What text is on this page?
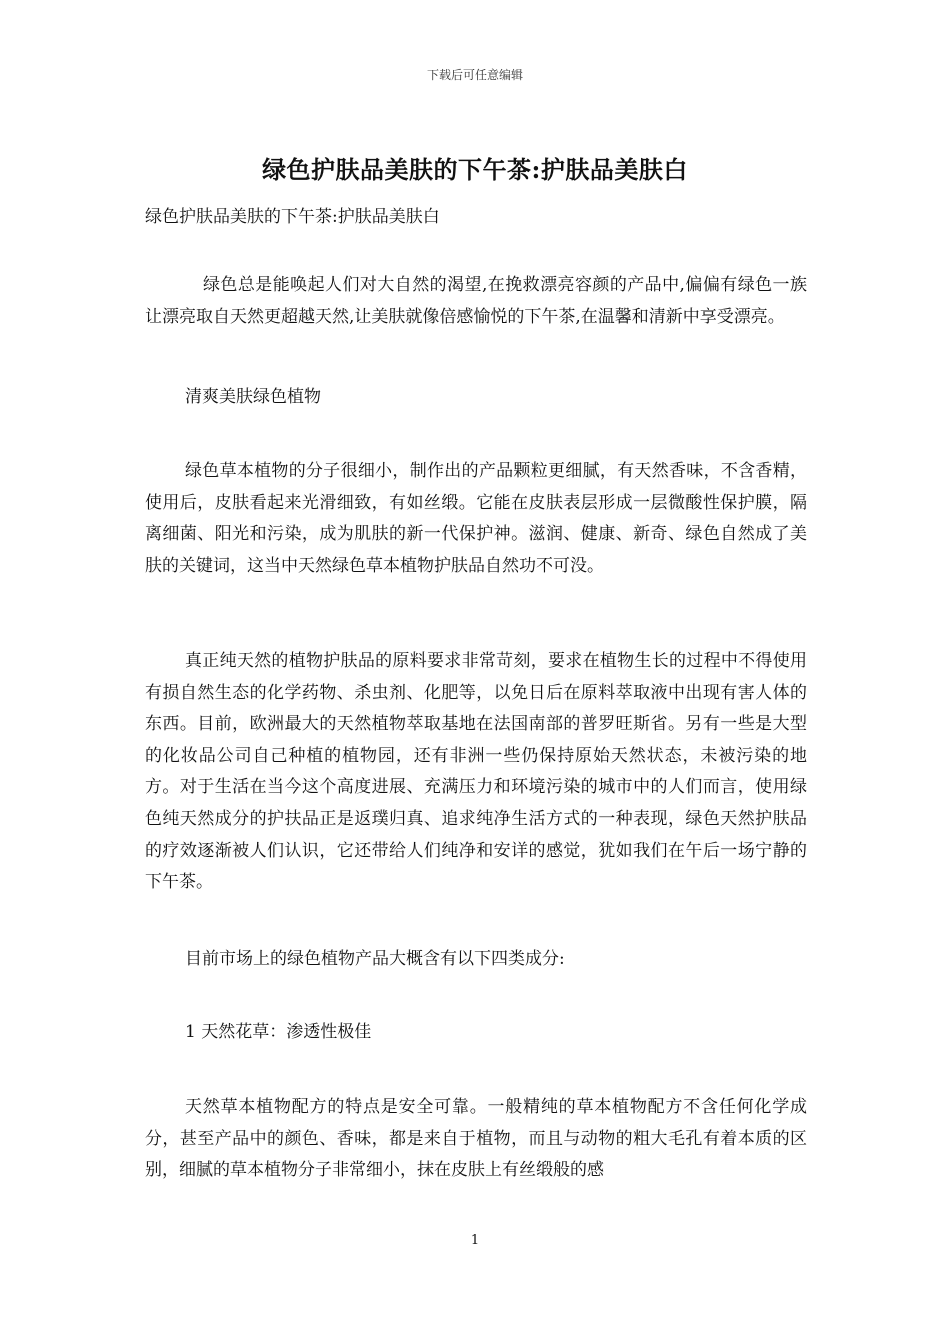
下载后可任意编辑
绿色护肤品美肤的下午茶:护肤品美肤白
绿色护肤品美肤的下午茶:护肤品美肤白

绿色总是能唤起人们对大自然的渴望,在挽救漂亮容颜的产品中,偏偏有绿色一族让漂亮取自天然更超越天然,让美肤就像倍感愉悦的下午茶,在温馨和清新中享受漂亮。

清爽美肤绿色植物

绿色草本植物的分子很细小，制作出的产品颗粒更细腻，有天然香味，不含香精，使用后，皮肤看起来光滑细致，有如丝缎。它能在皮肤表层形成一层微酸性保护膜，隔离细菌、阳光和污染，成为肌肤的新一代保护神。滋润、健康、新奇、绿色自然成了美肤的关键词，这当中天然绿色草本植物护肤品自然功不可没。

真正纯天然的植物护肤品的原料要求非常苛刻，要求在植物生长的过程中不得使用有损自然生态的化学药物、杀虫剂、化肥等，以免日后在原料萃取液中出现有害人体的东西。目前，欧洲最大的天然植物萃取基地在法国南部的普罗旺斯省。另有一些是大型的化妆品公司自己种植的植物园，还有非洲一些仍保持原始天然状态，未被污染的地方。对于生活在当今这个高度进展、充满压力和环境污染的城市中的人们而言，使用绿色纯天然成分的护扶品正是返璞归真、追求纯净生活方式的一种表现，绿色天然护肤品的疗效逐渐被人们认识，它还带给人们纯净和安详的感觉，犹如我们在午后一场宁静的下午茶。

目前市场上的绿色植物产品大概含有以下四类成分:

1 天然花草：渗透性极佳

天然草本植物配方的特点是安全可靠。一般精纯的草本植物配方不含任何化学成分，甚至产品中的颜色、香味，都是来自于植物，而且与动物的粗大毛孔有着本质的区别，细腻的草本植物分子非常细小，抹在皮肤上有丝缎般的感

1
